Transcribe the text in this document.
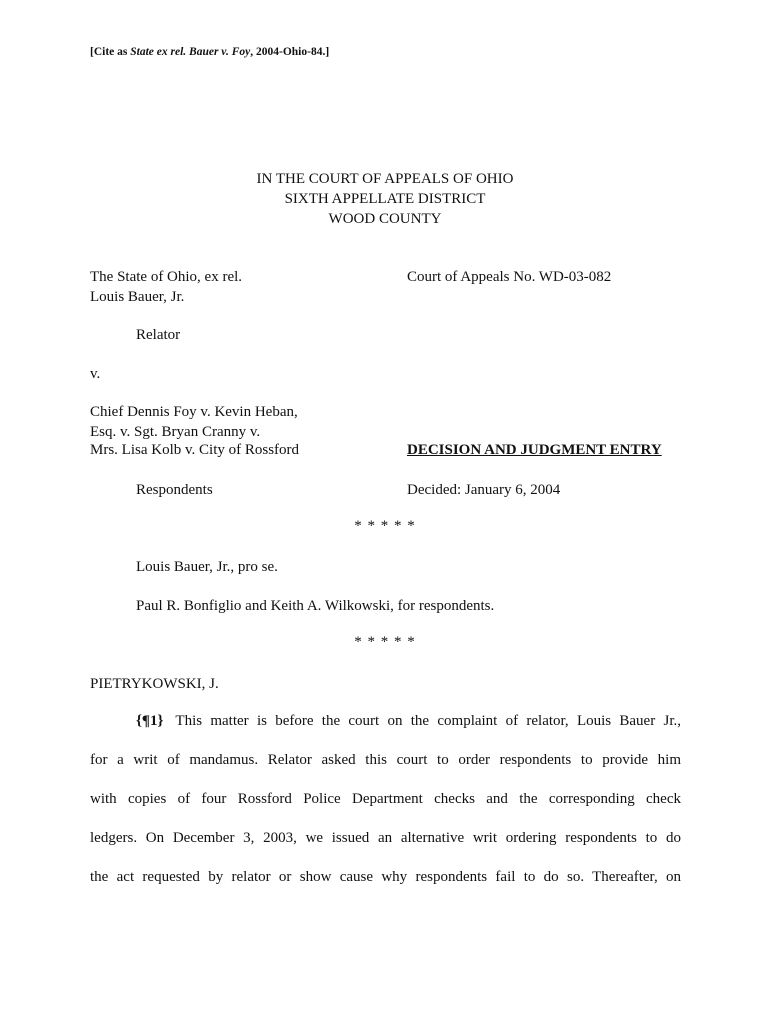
[Cite as State ex rel. Bauer v. Foy, 2004-Ohio-84.]
IN THE COURT OF APPEALS OF OHIO
SIXTH APPELLATE DISTRICT
WOOD COUNTY
The State of Ohio, ex rel.
Louis Bauer, Jr.
Court of Appeals No. WD-03-082
Relator
v.
Chief Dennis Foy v. Kevin Heban,
Esq. v. Sgt. Bryan Cranny v.
Mrs. Lisa Kolb v. City of Rossford	DECISION AND JUDGMENT ENTRY
Respondents	Decided: January 6, 2004
* * * * *
Louis Bauer, Jr., pro se.
Paul R. Bonfiglio and Keith A. Wilkowski, for respondents.
* * * * *
PIETRYKOWSKI, J.
{¶1} This matter is before the court on the complaint of relator, Louis Bauer Jr.,
for a writ of mandamus. Relator asked this court to order respondents to provide him
with copies of four Rossford Police Department checks and the corresponding check
ledgers. On December 3, 2003, we issued an alternative writ ordering respondents to do
the act requested by relator or show cause why respondents fail to do so. Thereafter, on
